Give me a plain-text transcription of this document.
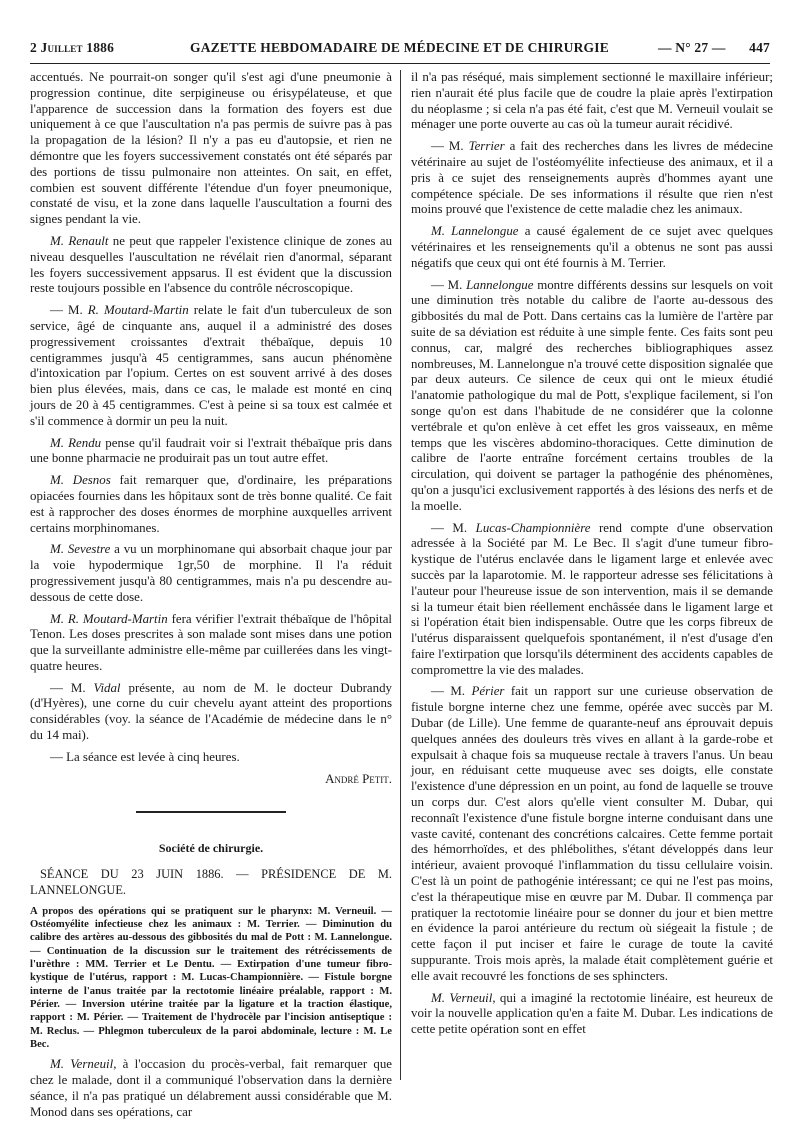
2 Juillet 1886	GAZETTE HEBDOMADAIRE DE MÉDECINE ET DE CHIRURGIE	— N° 27 — 447

accentués. Ne pourrait-on songer qu'il s'est agi d'une pneumonie à progression continue, dite serpigineuse ou érisypélateuse, et que l'apparence de succession dans la formation des foyers est due uniquement à ce que l'auscultation n'a pas permis de suivre pas à pas la propagation de la lésion? Il n'y a pas eu d'autopsie, et rien ne démontre que les foyers successivement constatés ont été séparés par des portions de tissu pulmonaire non atteintes. On sait, en effet, combien est souvent différente l'étendue d'un foyer pneumonique, constaté de visu, et la zone dans laquelle l'auscultation a fourni des signes pendant la vie.

M. Renault ne peut que rappeler l'existence clinique de zones au niveau desquelles l'auscultation ne révélait rien d'anormal, séparant les foyers successivement appsarus. Il est évident que la discussion reste toujours possible en l'absence du contrôle nécroscopique.

— M. R. Moutard-Martin relate le fait d'un tuberculeux de son service, âgé de cinquante ans, auquel il a administré des doses progressivement croissantes d'extrait thébaïque, depuis 10 centigrammes jusqu'à 45 centigrammes, sans aucun phénomène d'intoxication par l'opium. Certes on est souvent arrivé à des doses bien plus élevées, mais, dans ce cas, le malade est monté en cinq jours de 20 à 45 centigrammes. C'est à peine si sa toux est calmée et s'il commence à dormir un peu la nuit.

M. Rendu pense qu'il faudrait voir si l'extrait thébaïque pris dans une bonne pharmacie ne produirait pas un tout autre effet.

M. Desnos fait remarquer que, d'ordinaire, les préparations opiacées fournies dans les hôpitaux sont de très bonne qualité. Ce fait est à rapprocher des doses énormes de morphine auxquelles arrivent certains morphinomanes.

M. Sevestre a vu un morphinomane qui absorbait chaque jour par la voie hypodermique 1gr,50 de morphine. Il l'a réduit progressivement jusqu'à 80 centigrammes, mais n'a pu descendre au-dessous de cette dose.

M. R. Moutard-Martin fera vérifier l'extrait thébaïque de l'hôpital Tenon. Les doses prescrites à son malade sont mises dans une potion que la surveillante administre elle-même par cuillerées dans les vingt-quatre heures.

— M. Vidal présente, au nom de M. le docteur Dubrandy (d'Hyères), une corne du cuir chevelu ayant atteint des proportions considérables (voy. la séance de l'Académie de médecine dans le n° du 14 mai).

— La séance est levée à cinq heures.

André Petit.
Société de chirurgie.
SÉANCE DU 23 JUIN 1886. — PRÉSIDENCE DE M. LANNELONGUE.
A propos des opérations qui se pratiquent sur le pharynx: M. Verneuil. — Ostéomyélite infectieuse chez les animaux : M. Terrier. — Diminution du calibre des artères au-dessous des gibbosités du mal de Pott : M. Lannelongue. — Continuation de la discussion sur le traitement des rétrécissements de l'urèthre : MM. Terrier et Le Dentu. — Extirpation d'une tumeur fibro-kystique de l'utérus, rapport : M. Lucas-Championnière. — Fistule borgne interne de l'anus traitée par la rectotomie linéaire préalable, rapport : M. Périer. — Inversion utérine traitée par la ligature et la traction élastique, rapport : M. Périer. — Traitement de l'hydrocèle par l'incision antiseptique : M. Reclus. — Phlegmon tuberculeux de la paroi abdominale, lecture : M. Le Bec.

M. Verneuil, à l'occasion du procès-verbal, fait remarquer que chez le malade, dont il a communiqué l'observation dans la dernière séance, il n'a pas pratiqué un délabrement aussi considérable que M. Monod dans ses opérations, car

il n'a pas réséqué, mais simplement sectionné le maxillaire inférieur; rien n'aurait été plus facile que de coudre la plaie après l'extirpation du néoplasme ; si cela n'a pas été fait, c'est que M. Verneuil voulait se ménager une porte ouverte au cas où la tumeur aurait récidivé.

— M. Terrier a fait des recherches dans les livres de médecine vétérinaire au sujet de l'ostéomyélite infectieuse des animaux, et il a pris à ce sujet des renseignements auprès d'hommes ayant une compétence spéciale. De ses informations il résulte que rien n'est moins prouvé que l'existence de cette maladie chez les animaux.

M. Lannelongue a causé également de ce sujet avec quelques vétérinaires et les renseignements qu'il a obtenus ne sont pas aussi négatifs que ceux qui ont été fournis à M. Terrier.

— M. Lannelongue montre différents dessins sur lesquels on voit une diminution très notable du calibre de l'aorte au-dessous des gibbosités du mal de Pott. Dans certains cas la lumière de l'artère par suite de sa déviation est réduite à une simple fente. Ces faits sont peu connus, car, malgré des recherches bibliographiques assez nombreuses, M. Lannelongue n'a trouvé cette disposition signalée que par deux auteurs. Ce silence de ceux qui ont le mieux étudié l'anatomie pathologique du mal de Pott, s'explique facilement, si l'on songe qu'on est dans l'habitude de ne considérer que la colonne vertébrale et qu'on enlève à cet effet les gros vaisseaux, en même temps que les viscères abdomino-thoraciques. Cette diminution de calibre de l'aorte entraîne forcément certains troubles de la circulation, qui doivent se partager la pathogénie des phénomènes, qu'on a jusqu'ici exclusivement rapportés à des lésions des nerfs et de la moelle.

— M. Lucas-Championnière rend compte d'une observation adressée à la Société par M. Le Bec. Il s'agit d'une tumeur fibro-kystique de l'utérus enclavée dans le ligament large et enlevée avec succès par la laparotomie. M. le rapporteur adresse ses félicitations à l'auteur pour l'heureuse issue de son intervention, mais il se demande si la tumeur était bien réellement enchâssée dans le ligament large et si l'opération était bien indispensable. Outre que les corps fibreux de l'utérus disparaissent quelquefois spontanément, il n'est d'usage d'en faire l'extirpation que lorsqu'ils déterminent des accidents capables de compromettre la vie des malades.

— M. Périer fait un rapport sur une curieuse observation de fistule borgne interne chez une femme, opérée avec succès par M. Dubar (de Lille). Une femme de quarante-neuf ans éprouvait depuis quelques années des douleurs très vives en allant à la garde-robe et expulsait à chaque fois sa muqueuse rectale à travers l'anus. Un beau jour, en réduisant cette muqueuse avec ses doigts, elle constate l'existence d'une dépression en un point, au fond de laquelle se trouve un corps dur. C'est alors qu'elle vient consulter M. Dubar, qui reconnaît l'existence d'une fistule borgne interne conduisant dans une vaste cavité, contenant des concrétions calcaires. Cette femme portait des hémorrhoïdes, et des phlébolithes, s'étant développés dans leur intérieur, avaient provoqué l'inflammation du tissu cellulaire voisin. C'est là un point de pathogénie intéressant; ce qui ne l'est pas moins, c'est la thérapeutique mise en œuvre par M. Dubar. Il commença par pratiquer la rectotomie linéaire pour se donner du jour et bien mettre en évidence la paroi antérieure du rectum où siégeait la fistule ; de cette façon il put inciser et faire le curage de toute la cavité suppurante. Trois mois après, la malade était complètement guérie et elle avait recouvré les fonctions de ses sphincters.

M. Verneuil, qui a imaginé la rectotomie linéaire, est heureux de voir la nouvelle application qu'en a faite M. Dubar. Les indications de cette petite opération sont en effet
